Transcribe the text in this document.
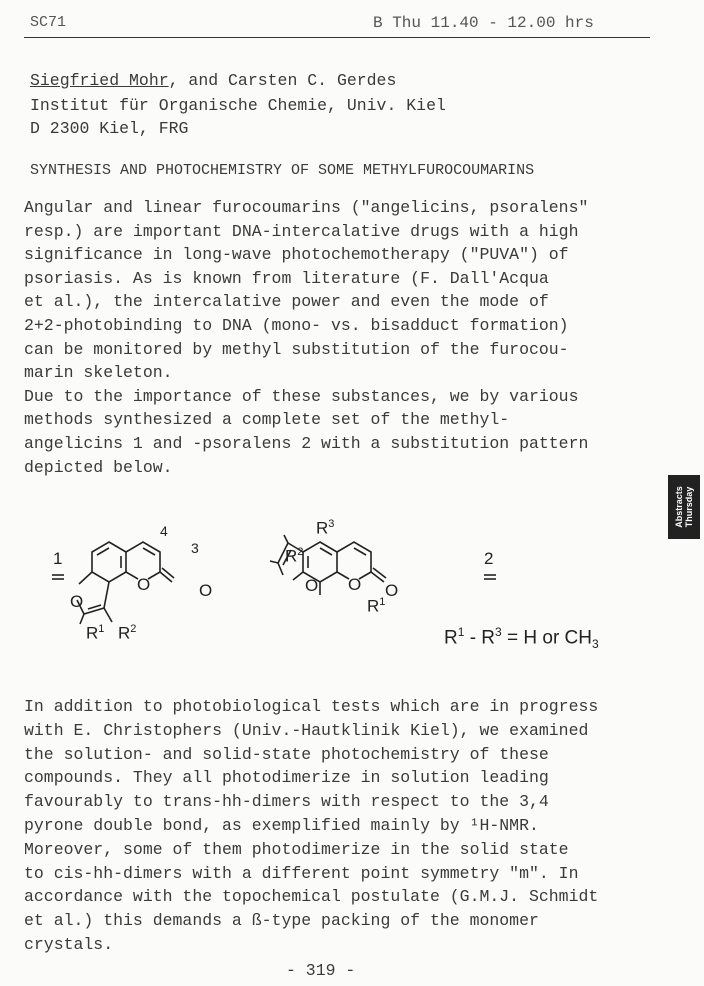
SC71	B Thu 11.40 - 12.00 hrs
Siegfried Mohr, and Carsten C. Gerdes
Institut für Organische Chemie, Univ. Kiel
D 2300 Kiel, FRG
SYNTHESIS AND PHOTOCHEMISTRY OF SOME METHYLFUROCOUMARINS
Angular and linear furocoumarins ("angelicins, psoralens"
resp.) are important DNA-intercalative drugs with a high
significance in long-wave photochemotherapy ("PUVA") of
psoriasis. As is known from literature (F. Dall'Acqua
et al.), the intercalative power and even the mode of
2+2-photobinding to DNA (mono- vs. bisadduct formation)
can be monitored by methyl substitution of the furocou-
marin skeleton.
Due to the importance of these substances, we by various
methods synthesized a complete set of the methyl-
angelicins 1 and -psoralens 2 with a substitution pattern
depicted below.
1
4
3
O	O
O
$R^1$ $R^2$
2
$R^3$
$R^2$
O O O
$R^1$
$R^1 - R^3 = H$ or $CH_3$
In addition to photobiological tests which are in progress
with E. Christophers (Univ.-Hautklinik Kiel), we examined
the solution- and solid-state photochemistry of these
compounds. They all photodimerize in solution leading
favourably to trans-hh-dimers with respect to the 3,4
pyrone double bond, as exemplified mainly by ¹H-NMR.
Moreover, some of them photodimerize in the solid state
to cis-hh-dimers with a different point symmetry "m". In
accordance with the topochemical postulate (G.M.J. Schmidt
et al.) this demands a ß-type packing of the monomer
crystals.
- 319 -
Abstracts
Thursday
